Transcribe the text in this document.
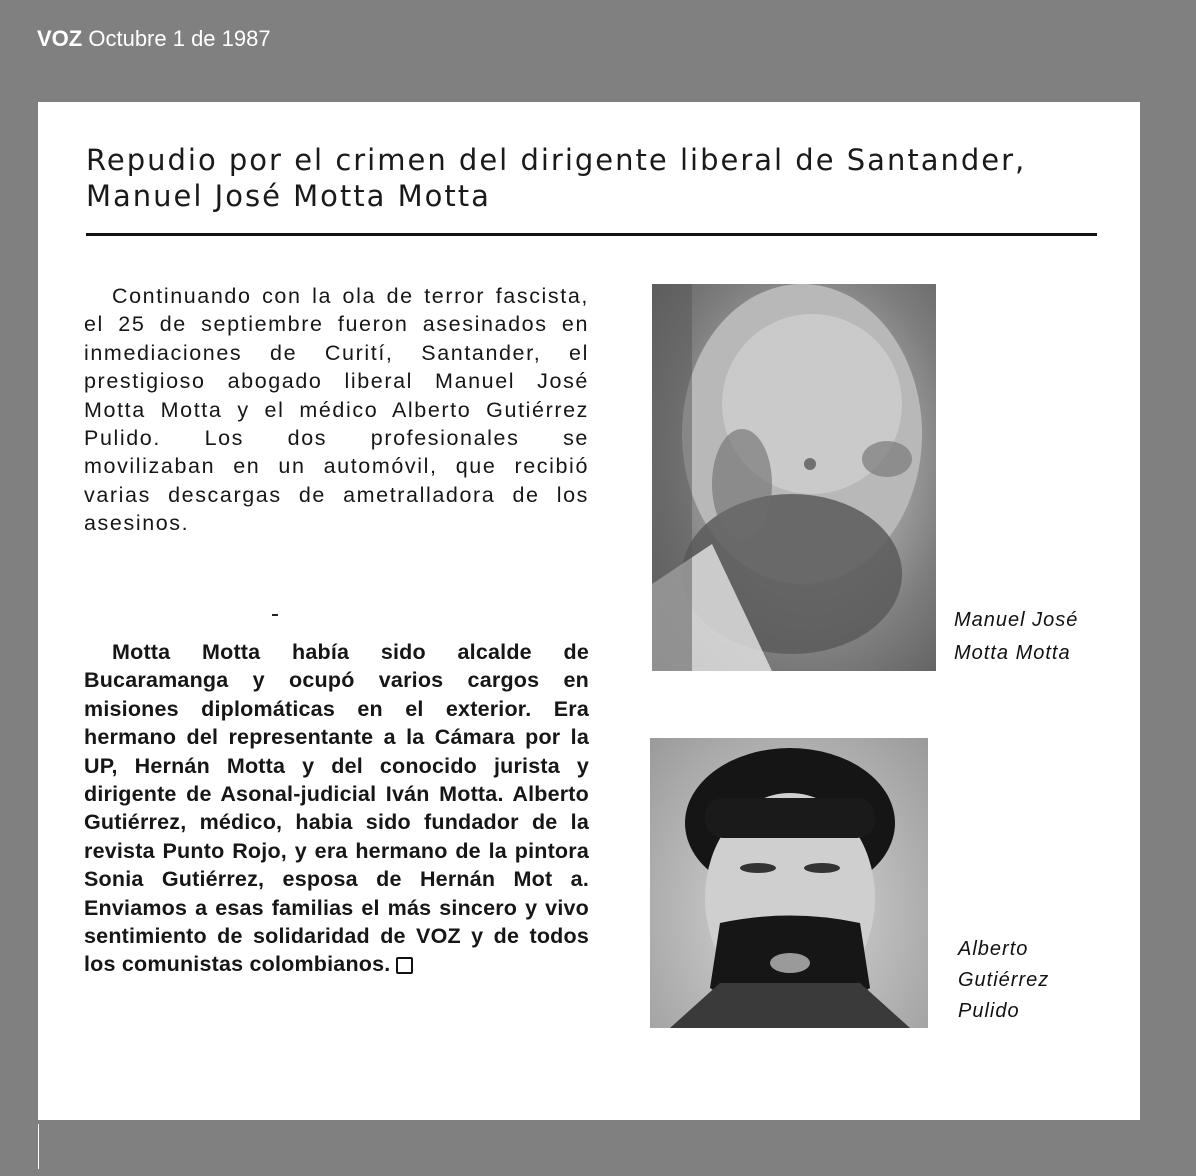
VOZ Octubre 1 de 1987
Repudio por el crimen del dirigente liberal de Santander,
Manuel José Motta Motta

Continuando con la ola de terror fascista, el 25 de septiembre fueron asesinados en inmediaciones de Curití, Santander, el prestigioso abogado liberal Manuel José Motta Motta y el médico Alberto Gutiérrez Pulido. Los dos profesionales se movilizaban en un automóvil, que recibió varias descargas de ametralladora de los asesinos.

Motta Motta había sido alcalde de Bucaramanga y ocupó varios cargos en misiones diplomáticas en el exterior. Era hermano del representante a la Cámara por la UP, Hernán Motta y del conocido jurista y dirigente de Asonal-judicial Iván Motta. Alberto Gutiérrez, médico, habia sido fundador de la revista Punto Rojo, y era hermano de la pintora Sonia Gutiérrez, esposa de Hernán Mot a. Enviamos a esas familias el más sincero y vivo sentimiento de solidaridad de VOZ y de todos los comunistas colombianos.

Manuel José
Motta Motta
Alberto
Gutiérrez
Pulido
